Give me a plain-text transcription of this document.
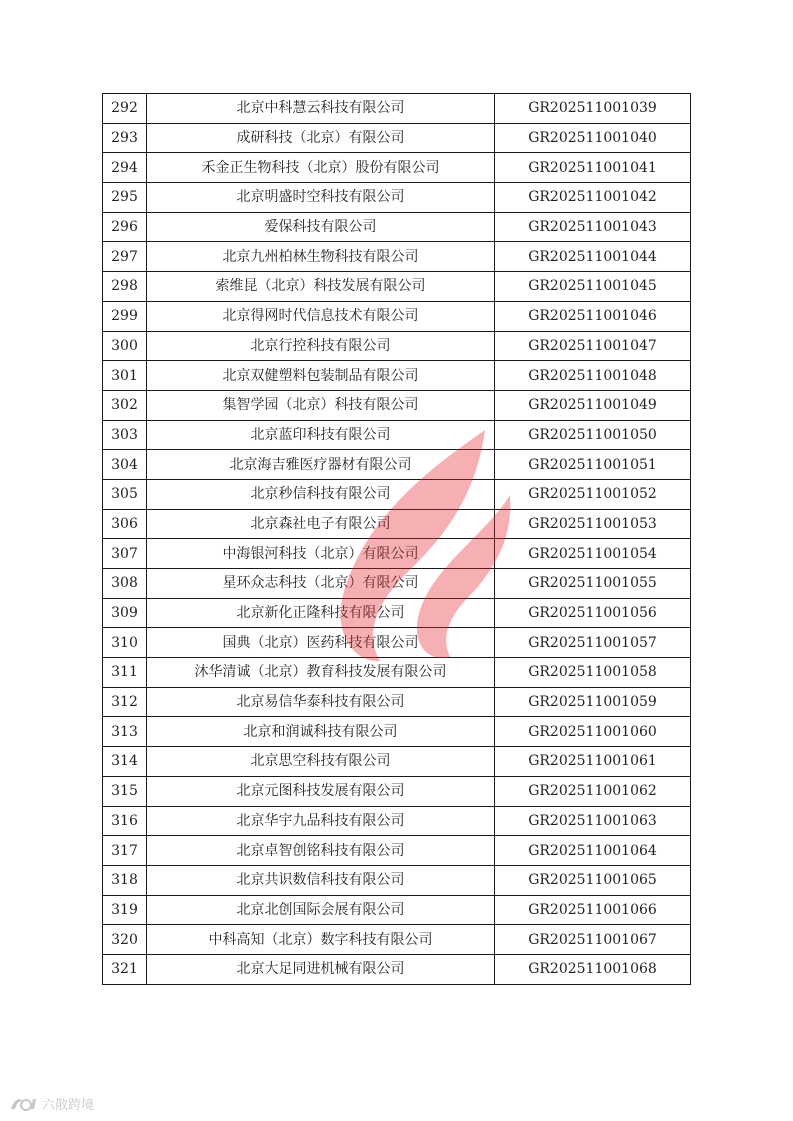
292	北京中科慧云科技有限公司	GR202511001039
293	成研科技（北京）有限公司	GR202511001040
294	禾金正生物科技（北京）股份有限公司	GR202511001041
295	北京明盛时空科技有限公司	GR202511001042
296	爱保科技有限公司	GR202511001043
297	北京九州柏林生物科技有限公司	GR202511001044
298	索维昆（北京）科技发展有限公司	GR202511001045
299	北京得网时代信息技术有限公司	GR202511001046
300	北京行控科技有限公司	GR202511001047
301	北京双健塑料包装制品有限公司	GR202511001048
302	集智学园（北京）科技有限公司	GR202511001049
303	北京蓝印科技有限公司	GR202511001050
304	北京海吉雅医疗器材有限公司	GR202511001051
305	北京秒信科技有限公司	GR202511001052
306	北京森社电子有限公司	GR202511001053
307	中海银河科技（北京）有限公司	GR202511001054
308	星环众志科技（北京）有限公司	GR202511001055
309	北京新化正隆科技有限公司	GR202511001056
310	国典（北京）医药科技有限公司	GR202511001057
311	沐华清诚（北京）教育科技发展有限公司	GR202511001058
312	北京易信华泰科技有限公司	GR202511001059
313	北京和润诚科技有限公司	GR202511001060
314	北京思空科技有限公司	GR202511001061
315	北京元图科技发展有限公司	GR202511001062
316	北京华宇九品科技有限公司	GR202511001063
317	北京卓智创铭科技有限公司	GR202511001064
318	北京共识数信科技有限公司	GR202511001065
319	北京北创国际会展有限公司	GR202511001066
320	中科高知（北京）数字科技有限公司	GR202511001067
321	北京大足同进机械有限公司	GR202511001068
六散跨境
